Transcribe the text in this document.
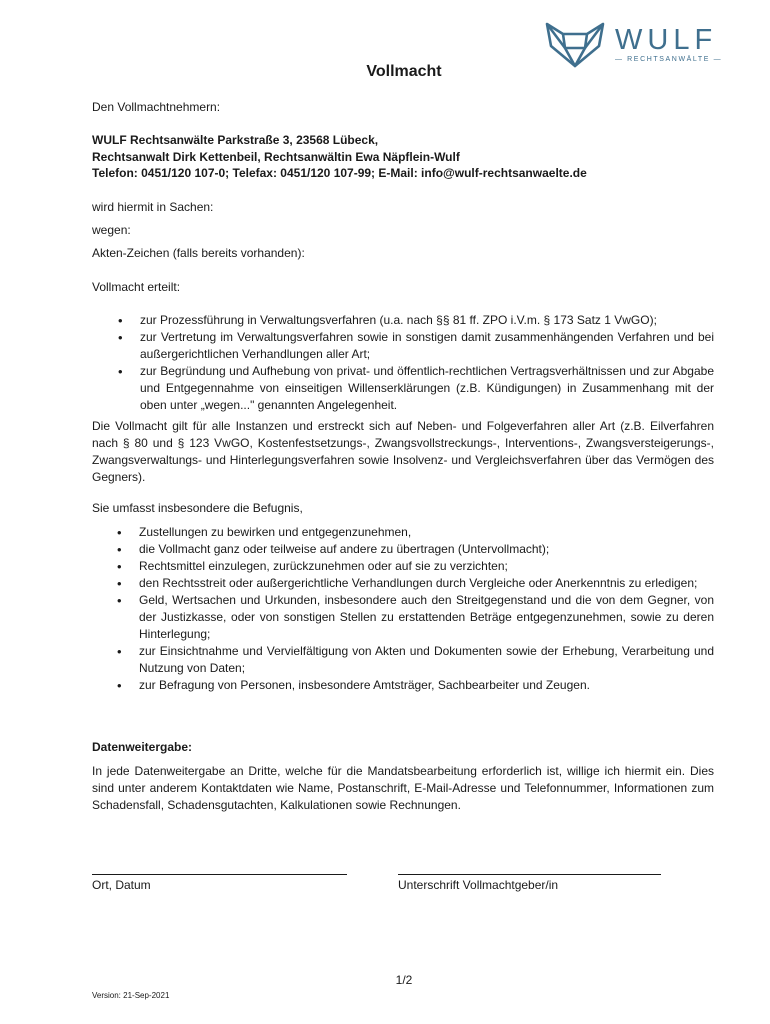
WULF
— RECHTSANWÄLTE —
Vollmacht
Den Vollmachtnehmern:
WULF Rechtsanwälte Parkstraße 3, 23568 Lübeck,
Rechtsanwalt Dirk Kettenbeil, Rechtsanwältin Ewa Näpflein-Wulf
Telefon: 0451/120 107-0; Telefax: 0451/120 107-99; E-Mail: info@wulf-rechtsanwaelte.de
wird hiermit in Sachen:
wegen:
Akten-Zeichen (falls bereits vorhanden):
Vollmacht erteilt:
• zur Prozessführung in Verwaltungsverfahren (u.a. nach §§ 81 ff. ZPO i.V.m. § 173 Satz 1 VwGO);
• zur Vertretung im Verwaltungsverfahren sowie in sonstigen damit zusammenhängenden Verfahren und bei außergerichtlichen Verhandlungen aller Art;
• zur Begründung und Aufhebung von privat- und öffentlich-rechtlichen Vertragsverhältnissen und zur Abgabe und Entgegennahme von einseitigen Willenserklärungen (z.B. Kündigungen) in Zusammenhang mit der oben unter „wegen..." genannten Angelegenheit.
Die Vollmacht gilt für alle Instanzen und erstreckt sich auf Neben- und Folgeverfahren aller Art (z.B. Eilverfahren nach § 80 und § 123 VwGO, Kostenfestsetzungs-, Zwangsvollstreckungs-, Interventions-, Zwangsversteigerungs-, Zwangsverwaltungs- und Hinterlegungsverfahren sowie Insolvenz- und Vergleichsverfahren über das Vermögen des Gegners).
Sie umfasst insbesondere die Befugnis,
• Zustellungen zu bewirken und entgegenzunehmen,
• die Vollmacht ganz oder teilweise auf andere zu übertragen (Untervollmacht);
• Rechtsmittel einzulegen, zurückzunehmen oder auf sie zu verzichten;
• den Rechtsstreit oder außergerichtliche Verhandlungen durch Vergleiche oder Anerkenntnis zu erledigen;
• Geld, Wertsachen und Urkunden, insbesondere auch den Streitgegenstand und die von dem Gegner, von der Justizkasse, oder von sonstigen Stellen zu erstattenden Beträge entgegenzunehmen, sowie zu deren Hinterlegung;
• zur Einsichtnahme und Vervielfältigung von Akten und Dokumenten sowie der Erhebung, Verarbeitung und Nutzung von Daten;
• zur Befragung von Personen, insbesondere Amtsträger, Sachbearbeiter und Zeugen.
Datenweitergabe:
In jede Datenweitergabe an Dritte, welche für die Mandatsbearbeitung erforderlich ist, willige ich hiermit ein. Dies sind unter anderem Kontaktdaten wie Name, Postanschrift, E-Mail-Adresse und Telefonnummer, Informationen zum Schadensfall, Schadensgutachten, Kalkulationen sowie Rechnungen.
Ort, Datum	Unterschrift Vollmachtgeber/in
1/2
Version: 21-Sep-2021
